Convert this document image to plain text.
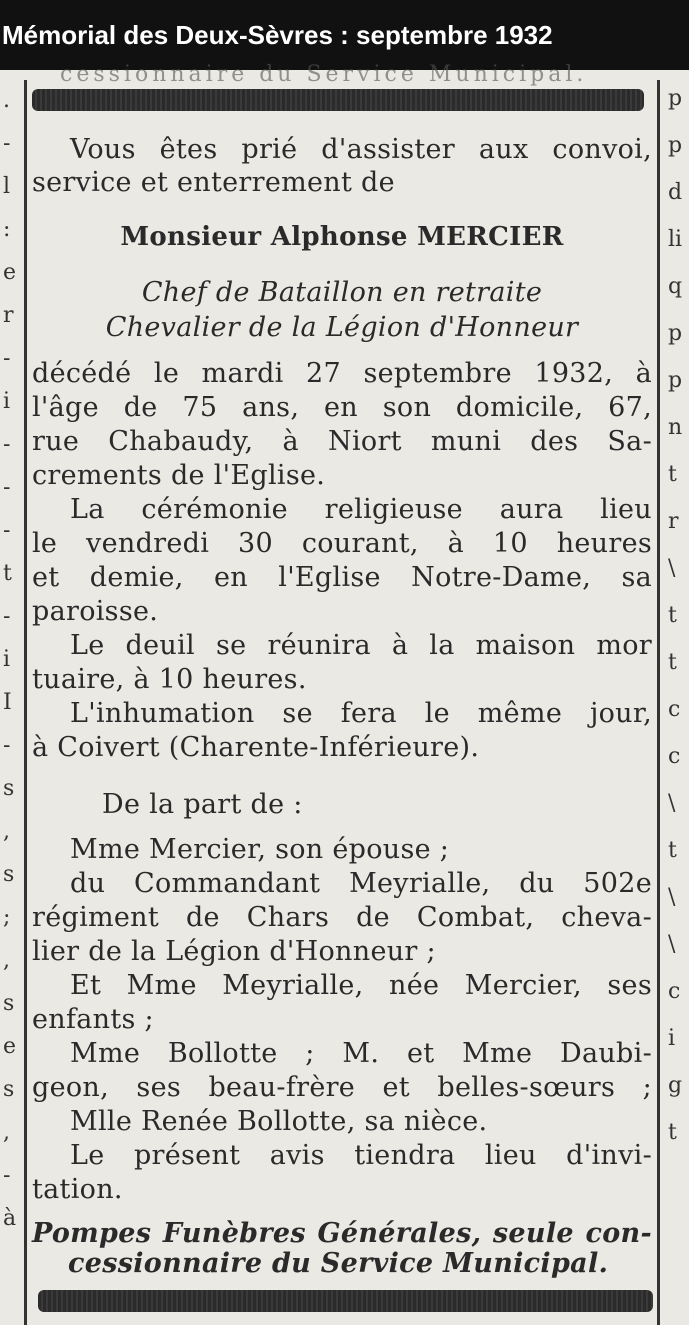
Mémorial des Deux-Sèvres : septembre 1932
cessionnaire du Service Municipal.
.
-
l
:
e
r
-
i
-
-
-
t
-
i
I
-
s
,
s
;
,
s
e
s
,
-
à
p
p
d
li
q
p
p
n
t
r
\
t
t
c
c
\
t
\
\
c
i
g
t
Vous êtes prié d'assister aux convoi,
service et enterrement de
Monsieur Alphonse MERCIER
Chef de Bataillon en retraite
Chevalier de la Légion d'Honneur
décédé le mardi 27 septembre 1932, à
l'âge de 75 ans, en son domicile, 67,
rue Chabaudy, à Niort muni des Sa-
crements de l'Eglise.
La cérémonie religieuse aura lieu
le vendredi 30 courant, à 10 heures
et demie, en l'Eglise Notre-Dame, sa
paroisse.
Le deuil se réunira à la maison mor
tuaire, à 10 heures.
L'inhumation se fera le même jour,
à Coivert (Charente-Inférieure).
De la part de :
Mme Mercier, son épouse ;
du Commandant Meyrialle, du 502e
régiment de Chars de Combat, cheva-
lier de la Légion d'Honneur ;
Et Mme Meyrialle, née Mercier, ses
enfants ;
Mme Bollotte ; M. et Mme Daubi-
geon, ses beau-frère et belles-sœurs ;
Mlle Renée Bollotte, sa nièce.
Le présent avis tiendra lieu d'invi-
tation.
Pompes Funèbres Générales, seule con-
cessionnaire du Service Municipal.
